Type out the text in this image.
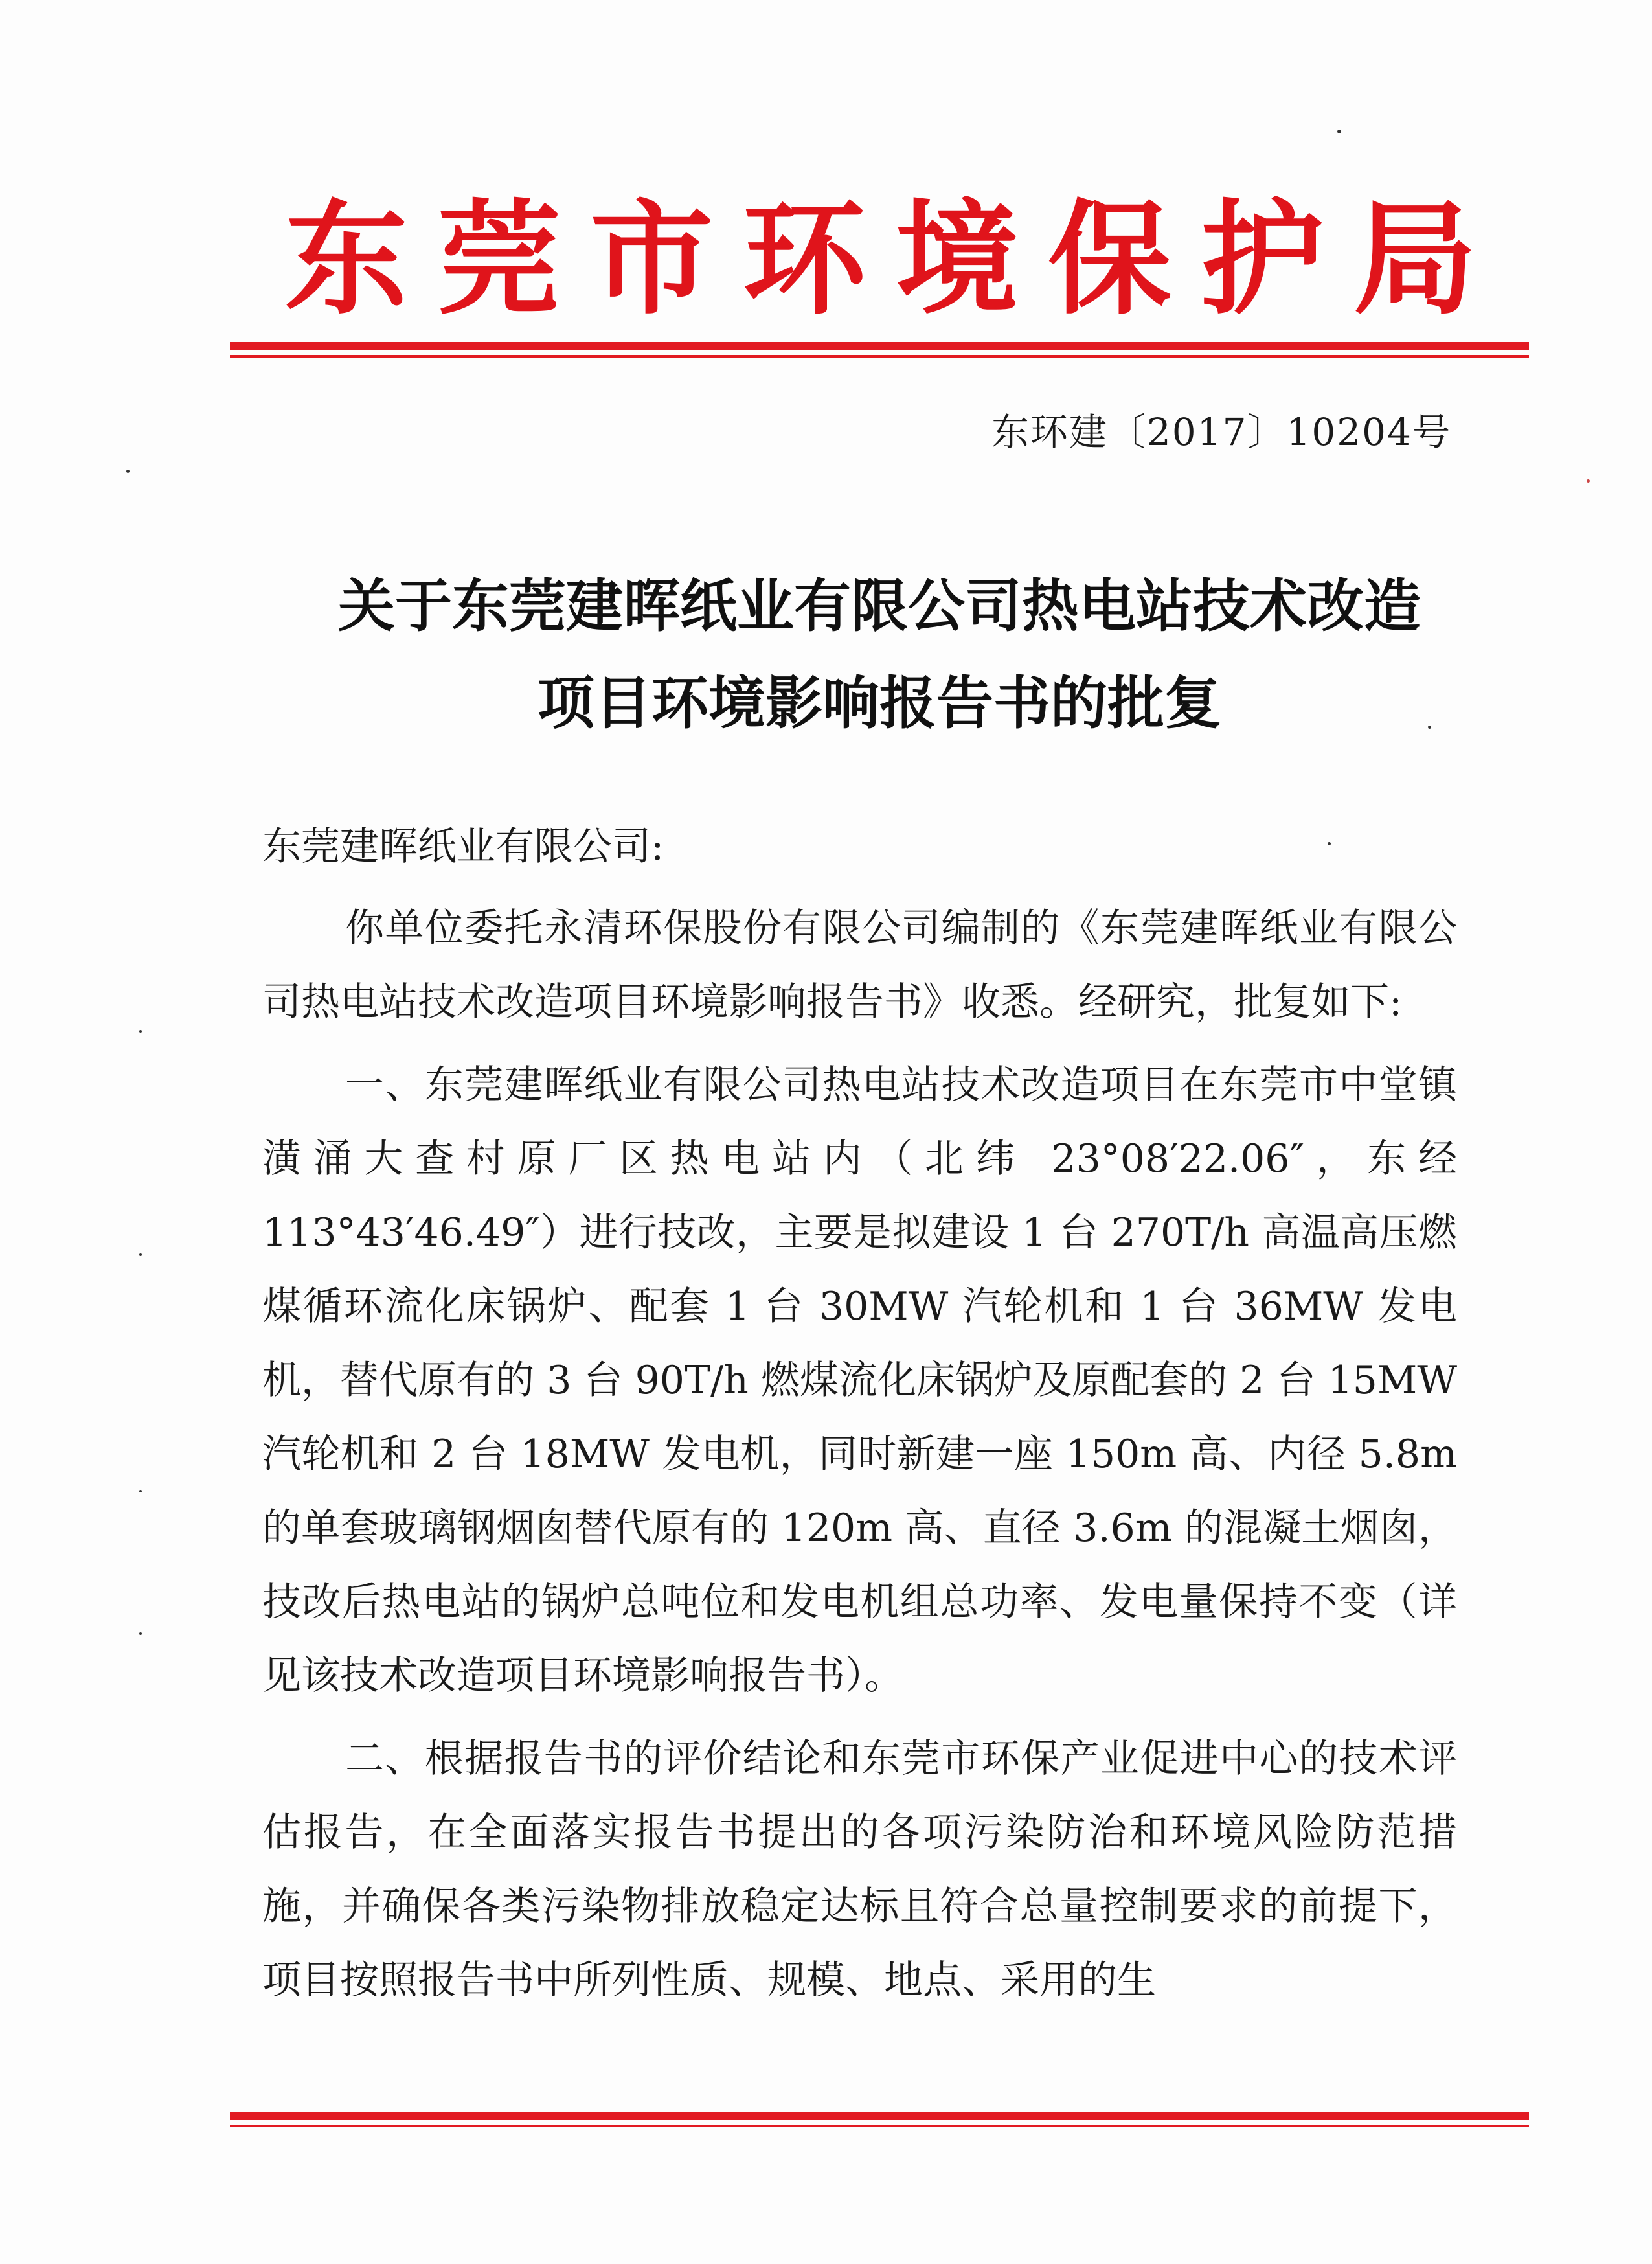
东 莞 市 环 境 保 护 局
东环建〔2017〕10204号
关于东莞建晖纸业有限公司热电站技术改造
项目环境影响报告书的批复

东莞建晖纸业有限公司:

你单位委托永清环保股份有限公司编制的《东莞建晖纸业有限公司热电站技术改造项目环境影响报告书》收悉。经研究，批复如下:

一、东莞建晖纸业有限公司热电站技术改造项目在东莞市中堂镇潢涌大查村原厂区热电站内（北纬 23°08′22.06″，东经 113°43′46.49″）进行技改，主要是拟建设 1 台 270T/h 高温高压燃煤循环流化床锅炉、配套 1 台 30MW 汽轮机和 1 台 36MW 发电机，替代原有的 3 台 90T/h 燃煤流化床锅炉及原配套的 2 台 15MW 汽轮机和 2 台 18MW 发电机，同时新建一座 150m 高、内径 5.8m 的单套玻璃钢烟囱替代原有的 120m 高、直径 3.6m 的混凝土烟囱，技改后热电站的锅炉总吨位和发电机组总功率、发电量保持不变（详见该技术改造项目环境影响报告书）。

二、根据报告书的评价结论和东莞市环保产业促进中心的技术评估报告，在全面落实报告书提出的各项污染防治和环境风险防范措施，并确保各类污染物排放稳定达标且符合总量控制要求的前提下，项目按照报告书中所列性质、规模、地点、采用的生
